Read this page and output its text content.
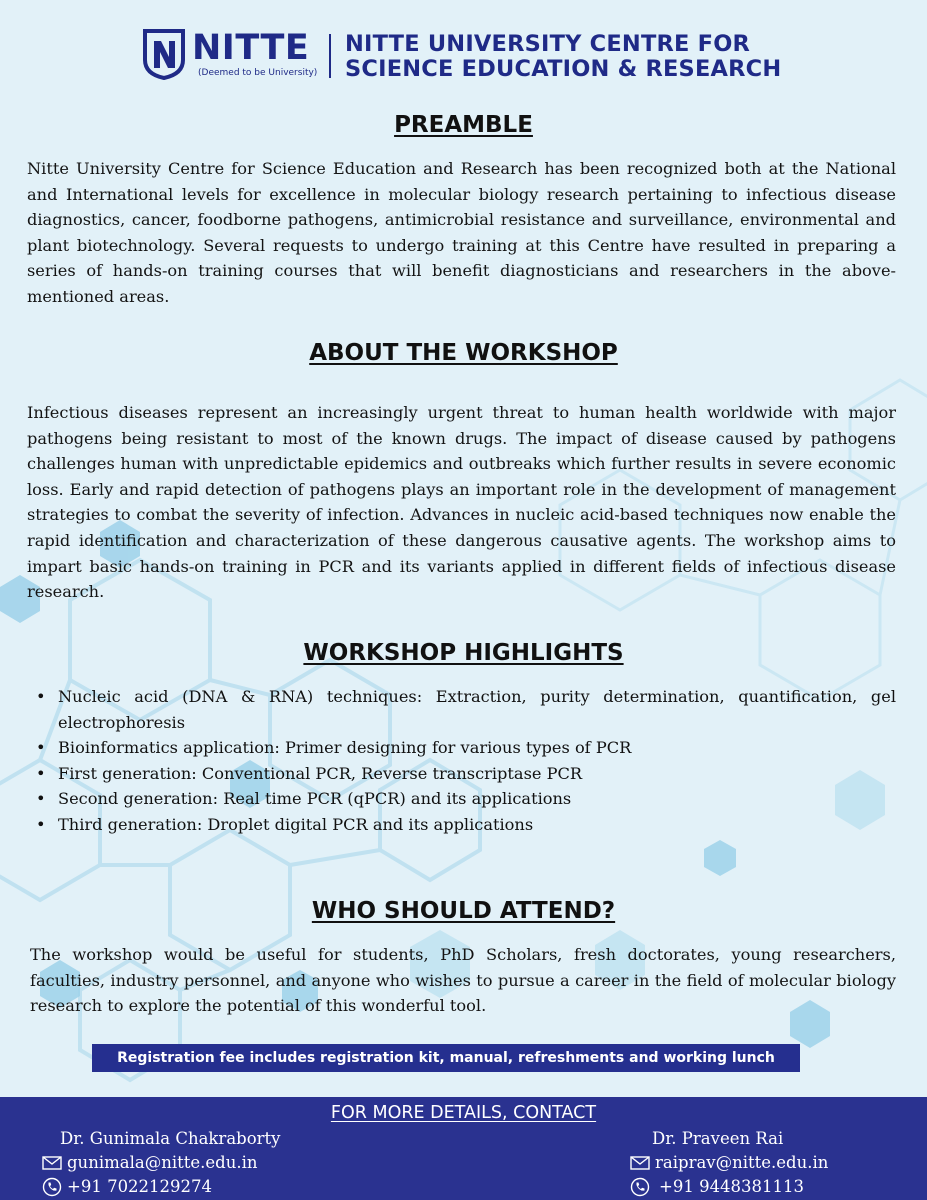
NITTE
(Deemed to be University)
NITTE UNIVERSITY CENTRE FOR
SCIENCE EDUCATION & RESEARCH
PREAMBLE
Nitte University Centre for Science Education and Research has been recognized both at the National and International levels for excellence in molecular biology research pertaining to infectious disease diagnostics, cancer, foodborne pathogens, antimicrobial resistance and surveillance, environmental and plant biotechnology. Several requests to undergo training at this Centre have resulted in preparing a series of hands-on training courses that will benefit diagnosticians and researchers in the above-mentioned areas.
ABOUT THE WORKSHOP
Infectious diseases represent an increasingly urgent threat to human health worldwide with major pathogens being resistant to most of the known drugs. The impact of disease caused by pathogens challenges human with unpredictable epidemics and outbreaks which further results in severe economic loss. Early and rapid detection of pathogens plays an important role in the development of management strategies to combat the severity of infection. Advances in nucleic acid-based techniques now enable the rapid identification and characterization of these dangerous causative agents. The workshop aims to impart basic hands-on training in PCR and its variants applied in different fields of infectious disease research.
WORKSHOP HIGHLIGHTS
• Nucleic acid (DNA & RNA) techniques: Extraction, purity determination, quantification, gel electrophoresis
• Bioinformatics application: Primer designing for various types of PCR
• First generation: Conventional PCR, Reverse transcriptase PCR
• Second generation: Real time PCR (qPCR) and its applications
• Third generation: Droplet digital PCR and its applications
WHO SHOULD ATTEND?
The workshop would be useful for students, PhD Scholars, fresh doctorates, young researchers, faculties, industry personnel, and anyone who wishes to pursue a career in the field of molecular biology research to explore the potential of this wonderful tool.
Registration fee includes registration kit, manual, refreshments and working lunch
FOR MORE DETAILS, CONTACT
Dr. Gunimala Chakraborty
gunimala@nitte.edu.in
+91 7022129274
Dr. Praveen Rai
raiprav@nitte.edu.in
+91 9448381113
